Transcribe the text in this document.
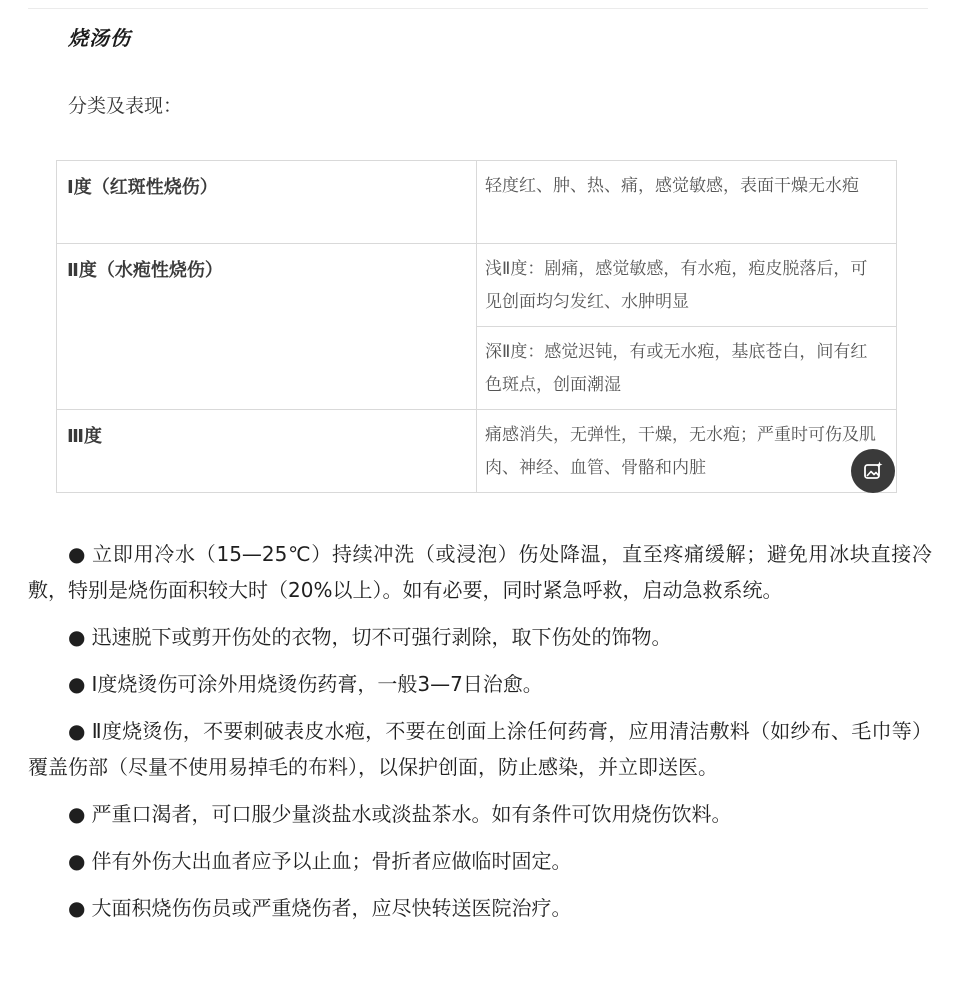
烧汤伤
分类及表现：
Ⅰ度（红斑性烧伤）	轻度红、肿、热、痛，感觉敏感，表面干燥无水疱

Ⅱ度（水疱性烧伤）	浅Ⅱ度：剧痛，感觉敏感，有水疱，疱皮脱落后，可见创面均匀发红、水肿明显

	深Ⅱ度：感觉迟钝，有或无水疱，基底苍白，间有红色斑点，创面潮湿

Ⅲ度	痛感消失，无弹性，干燥，无水疱；严重时可伤及肌肉、神经、血管、骨骼和内脏

● 立即用冷水（15—25℃）持续冲洗（或浸泡）伤处降温，直至疼痛缓解；避免用冰块直接冷敷，特别是烧伤面积较大时（20%以上）。如有必要，同时紧急呼救，启动急救系统。

● 迅速脱下或剪开伤处的衣物，切不可强行剥除，取下伤处的饰物。

● Ⅰ度烧烫伤可涂外用烧烫伤药膏，一般3—7日治愈。

● Ⅱ度烧烫伤，不要刺破表皮水疱，不要在创面上涂任何药膏，应用清洁敷料（如纱布、毛巾等）覆盖伤部（尽量不使用易掉毛的布料），以保护创面，防止感染，并立即送医。

● 严重口渴者，可口服少量淡盐水或淡盐茶水。如有条件可饮用烧伤饮料。

● 伴有外伤大出血者应予以止血；骨折者应做临时固定。

● 大面积烧伤伤员或严重烧伤者，应尽快转送医院治疗。
